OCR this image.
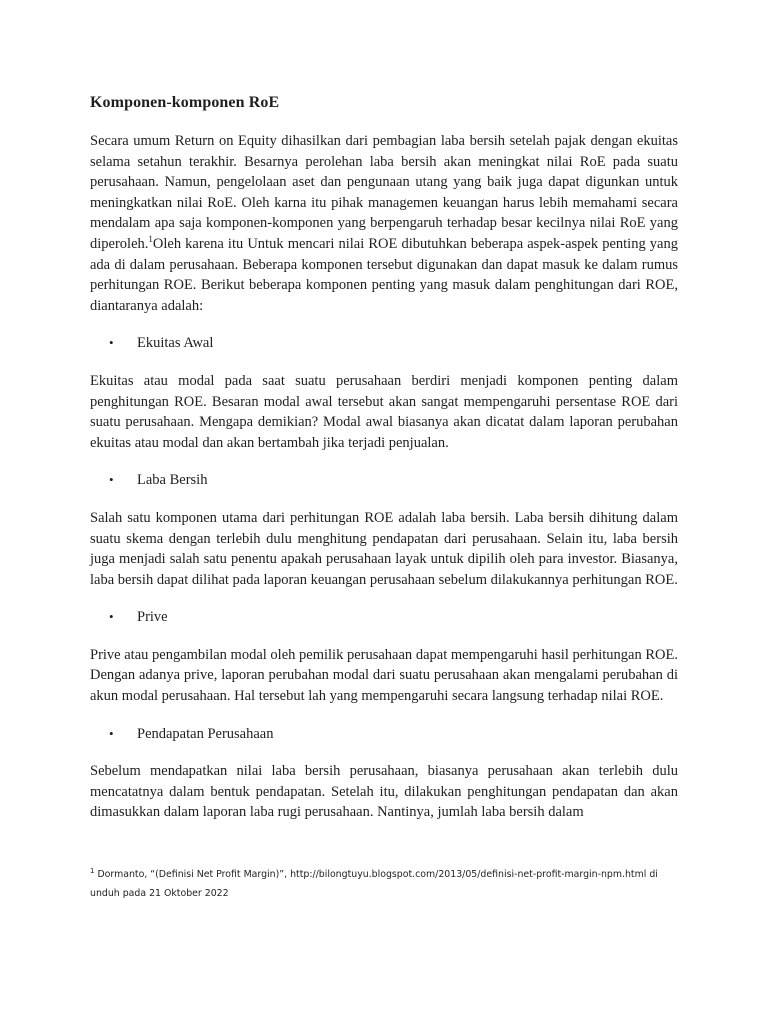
Komponen-komponen RoE

Secara umum Return on Equity dihasilkan dari pembagian laba bersih setelah pajak dengan ekuitas selama setahun terakhir. Besarnya perolehan laba bersih akan meningkat nilai RoE pada suatu perusahaan. Namun, pengelolaan aset dan pengunaan utang yang baik juga dapat digunkan untuk meningkatkan nilai RoE. Oleh karna itu pihak managemen keuangan harus lebih memahami secara mendalam apa saja komponen-komponen yang berpengaruh terhadap besar kecilnya nilai RoE yang diperoleh.$^1$Oleh karena itu Untuk mencari nilai ROE dibutuhkan beberapa aspek-aspek penting yang ada di dalam perusahaan. Beberapa komponen tersebut digunakan dan dapat masuk ke dalam rumus perhitungan ROE. Berikut beberapa komponen penting yang masuk dalam penghitungan dari ROE, diantaranya adalah:

• Ekuitas Awal

Ekuitas atau modal pada saat suatu perusahaan berdiri menjadi komponen penting dalam penghitungan ROE. Besaran modal awal tersebut akan sangat mempengaruhi persentase ROE dari suatu perusahaan. Mengapa demikian? Modal awal biasanya akan dicatat dalam laporan perubahan ekuitas atau modal dan akan bertambah jika terjadi penjualan.

• Laba Bersih

Salah satu komponen utama dari perhitungan ROE adalah laba bersih. Laba bersih dihitung dalam suatu skema dengan terlebih dulu menghitung pendapatan dari perusahaan. Selain itu, laba bersih juga menjadi salah satu penentu apakah perusahaan layak untuk dipilih oleh para investor. Biasanya, laba bersih dapat dilihat pada laporan keuangan perusahaan sebelum dilakukannya perhitungan ROE.

• Prive

Prive atau pengambilan modal oleh pemilik perusahaan dapat mempengaruhi hasil perhitungan ROE. Dengan adanya prive, laporan perubahan modal dari suatu perusahaan akan mengalami perubahan di akun modal perusahaan. Hal tersebut lah yang mempengaruhi secara langsung terhadap nilai ROE.

• Pendapatan Perusahaan

Sebelum mendapatkan nilai laba bersih perusahaan, biasanya perusahaan akan terlebih dulu mencatatnya dalam bentuk pendapatan. Setelah itu, dilakukan penghitungan pendapatan dan akan dimasukkan dalam laporan laba rugi perusahaan. Nantinya, jumlah laba bersih dalam

$^1$ Dormanto, “(Definisi Net Profit Margin)”, http://bilongtuyu.blogspot.com/2013/05/definisi-net-profit-margin-npm.html di unduh pada 21 Oktober 2022
